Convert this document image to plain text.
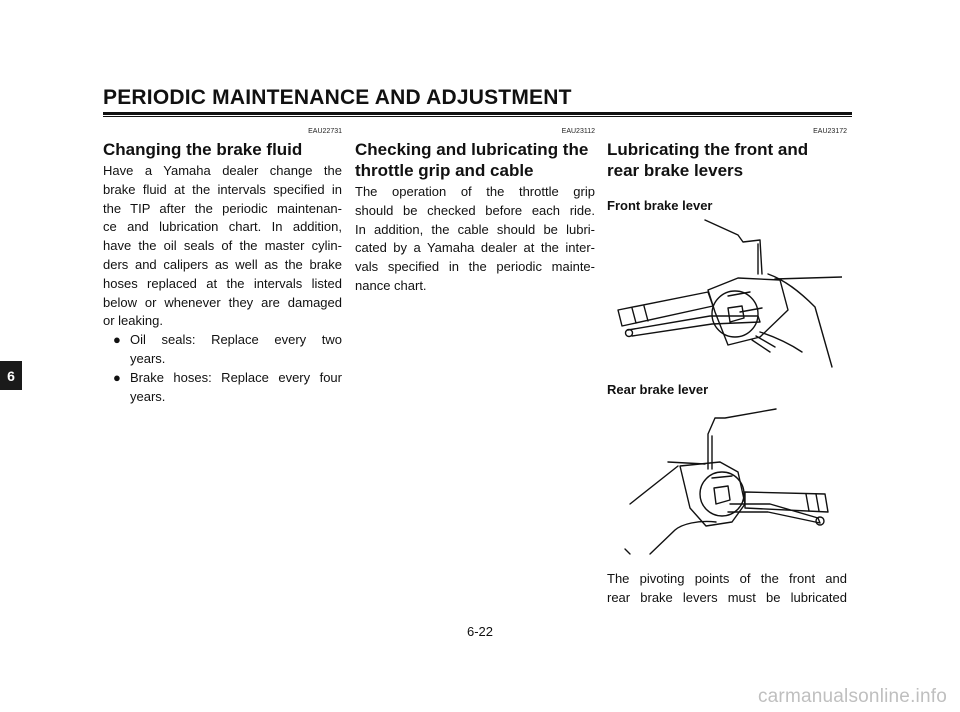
PERIODIC MAINTENANCE AND ADJUSTMENT
6
EAU22731
Changing the brake fluid
Have a Yamaha dealer change the
brake fluid at the intervals specified in
the TIP after the periodic maintenan-
ce and lubrication chart. In addition,
have the oil seals of the master cylin-
ders and calipers as well as the brake
hoses replaced at the intervals listed
below or whenever they are damaged
or leaking.
● Oil seals: Replace every two
years.
● Brake hoses: Replace every four
years.
EAU23112
Checking and lubricating the
throttle grip and cable
The operation of the throttle grip
should be checked before each ride.
In addition, the cable should be lubri-
cated by a Yamaha dealer at the inter-
vals specified in the periodic mainte-
nance chart.
EAU23172
Lubricating the front and
rear brake levers
Front brake lever
Rear brake lever
The pivoting points of the front and
rear brake levers must be lubricated
6-22
carmanualsonline.info
